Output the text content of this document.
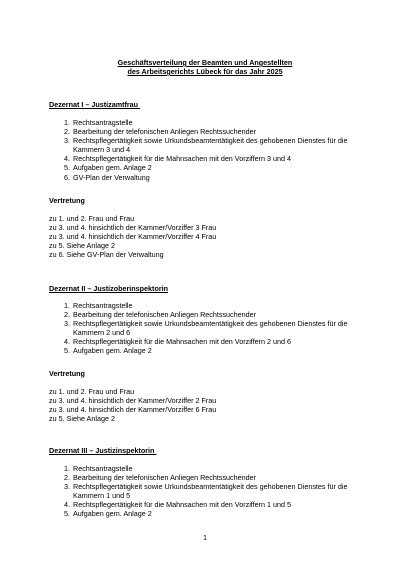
Geschäftsverteilung der Beamten und Angestellten
des Arbeitsgerichts Lübeck für das Jahr 2025
Dezernat I – Justizamtfrau
1. Rechtsantragstelle
2. Bearbeitung der telefonischen Anliegen Rechtssuchender
3. Rechtspflegertätigkeit sowie Urkundsbeamtentätigkeit des gehobenen Dienstes für die Kammern 3 und 4
4. Rechtspflegertätigkeit für die Mahnsachen mit den Vorziffern 3 und 4
5. Aufgaben gem. Anlage 2
6. GV-Plan der Verwaltung
Vertretung
zu 1. und 2. Frau und Frau
zu 3. und 4. hinsichtlich der Kammer/Vorziffer 3 Frau
zu 3. und 4. hinsichtlich der Kammer/Vorziffer 4 Frau
zu 5. Siehe Anlage 2
zu 6. Siehe GV-Plan der Verwaltung
Dezernat II – Justizoberinspektorin
1. Rechtsantragstelle
2. Bearbeitung der telefonischen Anliegen Rechtssuchender
3. Rechtspflegertätigkeit sowie Urkundsbeamtentätigkeit des gehobenen Dienstes für die Kammern 2 und 6
4. Rechtspflegertätigkeit für die Mahnsachen mit den Vorziffern 2 und 6
5. Aufgaben gem. Anlage 2
Vertretung
zu 1. und 2. Frau und Frau
zu 3. und 4. hinsichtlich der Kammer/Vorziffer 2 Frau
zu 3. und 4. hinsichtlich der Kammer/Vorziffer 6 Frau
zu 5. Siehe Anlage 2
Dezernat III – Justizinspektorin
1. Rechtsantragstelle
2. Bearbeitung der telefonischen Anliegen Rechtssuchender
3. Rechtspflegertätigkeit sowie Urkundsbeamtentätigkeit des gehobenen Dienstes für die Kammern 1 und 5
4. Rechtspflegertätigkeit für die Mahnsachen mit den Vorziffern 1 und 5
5. Aufgaben gem. Anlage 2
1
